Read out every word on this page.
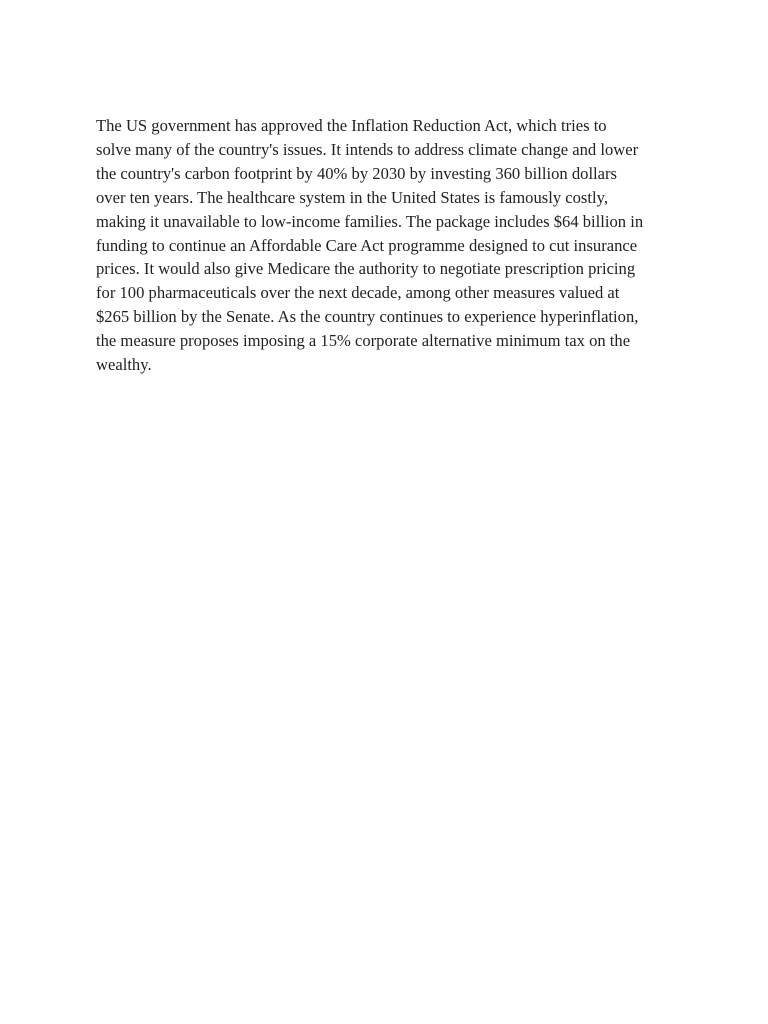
The US government has approved the Inflation Reduction Act, which tries to
solve many of the country's issues. It intends to address climate change and lower
the country's carbon footprint by 40% by 2030 by investing 360 billion dollars
over ten years. The healthcare system in the United States is famously costly,
making it unavailable to low-income families. The package includes $64 billion in
funding to continue an Affordable Care Act programme designed to cut insurance
prices. It would also give Medicare the authority to negotiate prescription pricing
for 100 pharmaceuticals over the next decade, among other measures valued at
$265 billion by the Senate. As the country continues to experience hyperinflation,
the measure proposes imposing a 15% corporate alternative minimum tax on the
wealthy.
